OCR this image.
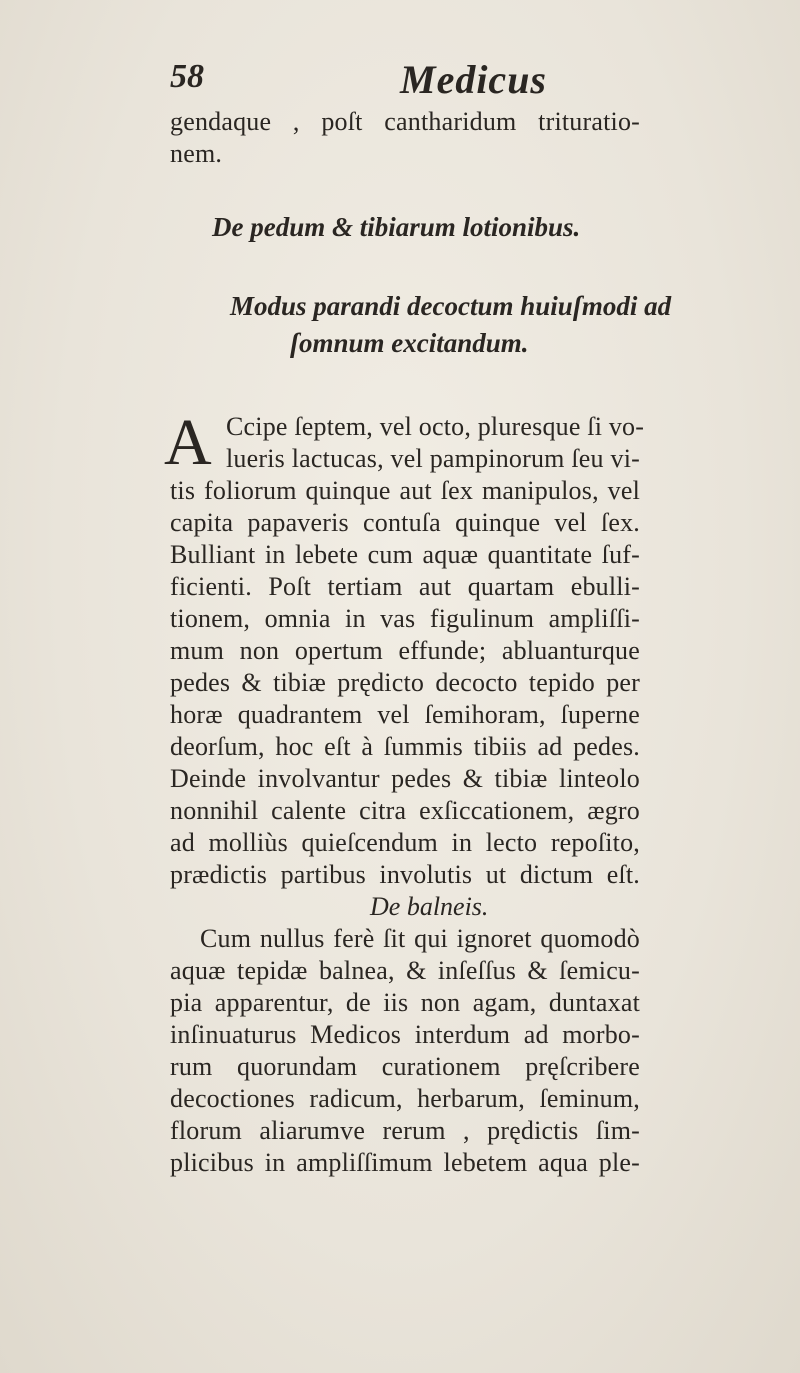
58	Medicus
gendaque , poſt cantharidum trituratio-
nem.
De pedum & tibiarum lotionibus.
Modus parandi decoctum huiuſmodi ad
ſomnum excitandum.
A Ccipe ſeptem, vel octo, pluresque ſi vo-
lueris lactucas, vel pampinorum ſeu vi-
tis foliorum quinque aut ſex manipulos, vel
capita papaveris contuſa quinque vel ſex.
Bulliant in lebete cum aquæ quantitate ſuf-
ficienti. Poſt tertiam aut quartam ebulli-
tionem, omnia in vas figulinum ampliſſi-
mum non opertum effunde; abluanturque
pedes & tibiæ prędicto decocto tepido per
horæ quadrantem vel ſemihoram, ſuperne
deorſum, hoc eſt à ſummis tibiis ad pedes.
Deinde involvantur pedes & tibiæ linteolo
nonnihil calente citra exſiccationem, ægro
ad molliùs quieſcendum in lecto repoſito,
prædictis partibus involutis ut dictum eſt.
De balneis.
Cum nullus ferè ſit qui ignoret quomodò
aquæ tepidæ balnea, & inſeſſus & ſemicu-
pia apparentur, de iis non agam, duntaxat
inſinuaturus Medicos interdum ad morbo-
rum quorundam curationem pręſcribere
decoctiones radicum, herbarum, ſeminum,
florum aliarumve rerum , prędictis ſim-
plicibus in ampliſſimum lebetem aqua ple-
